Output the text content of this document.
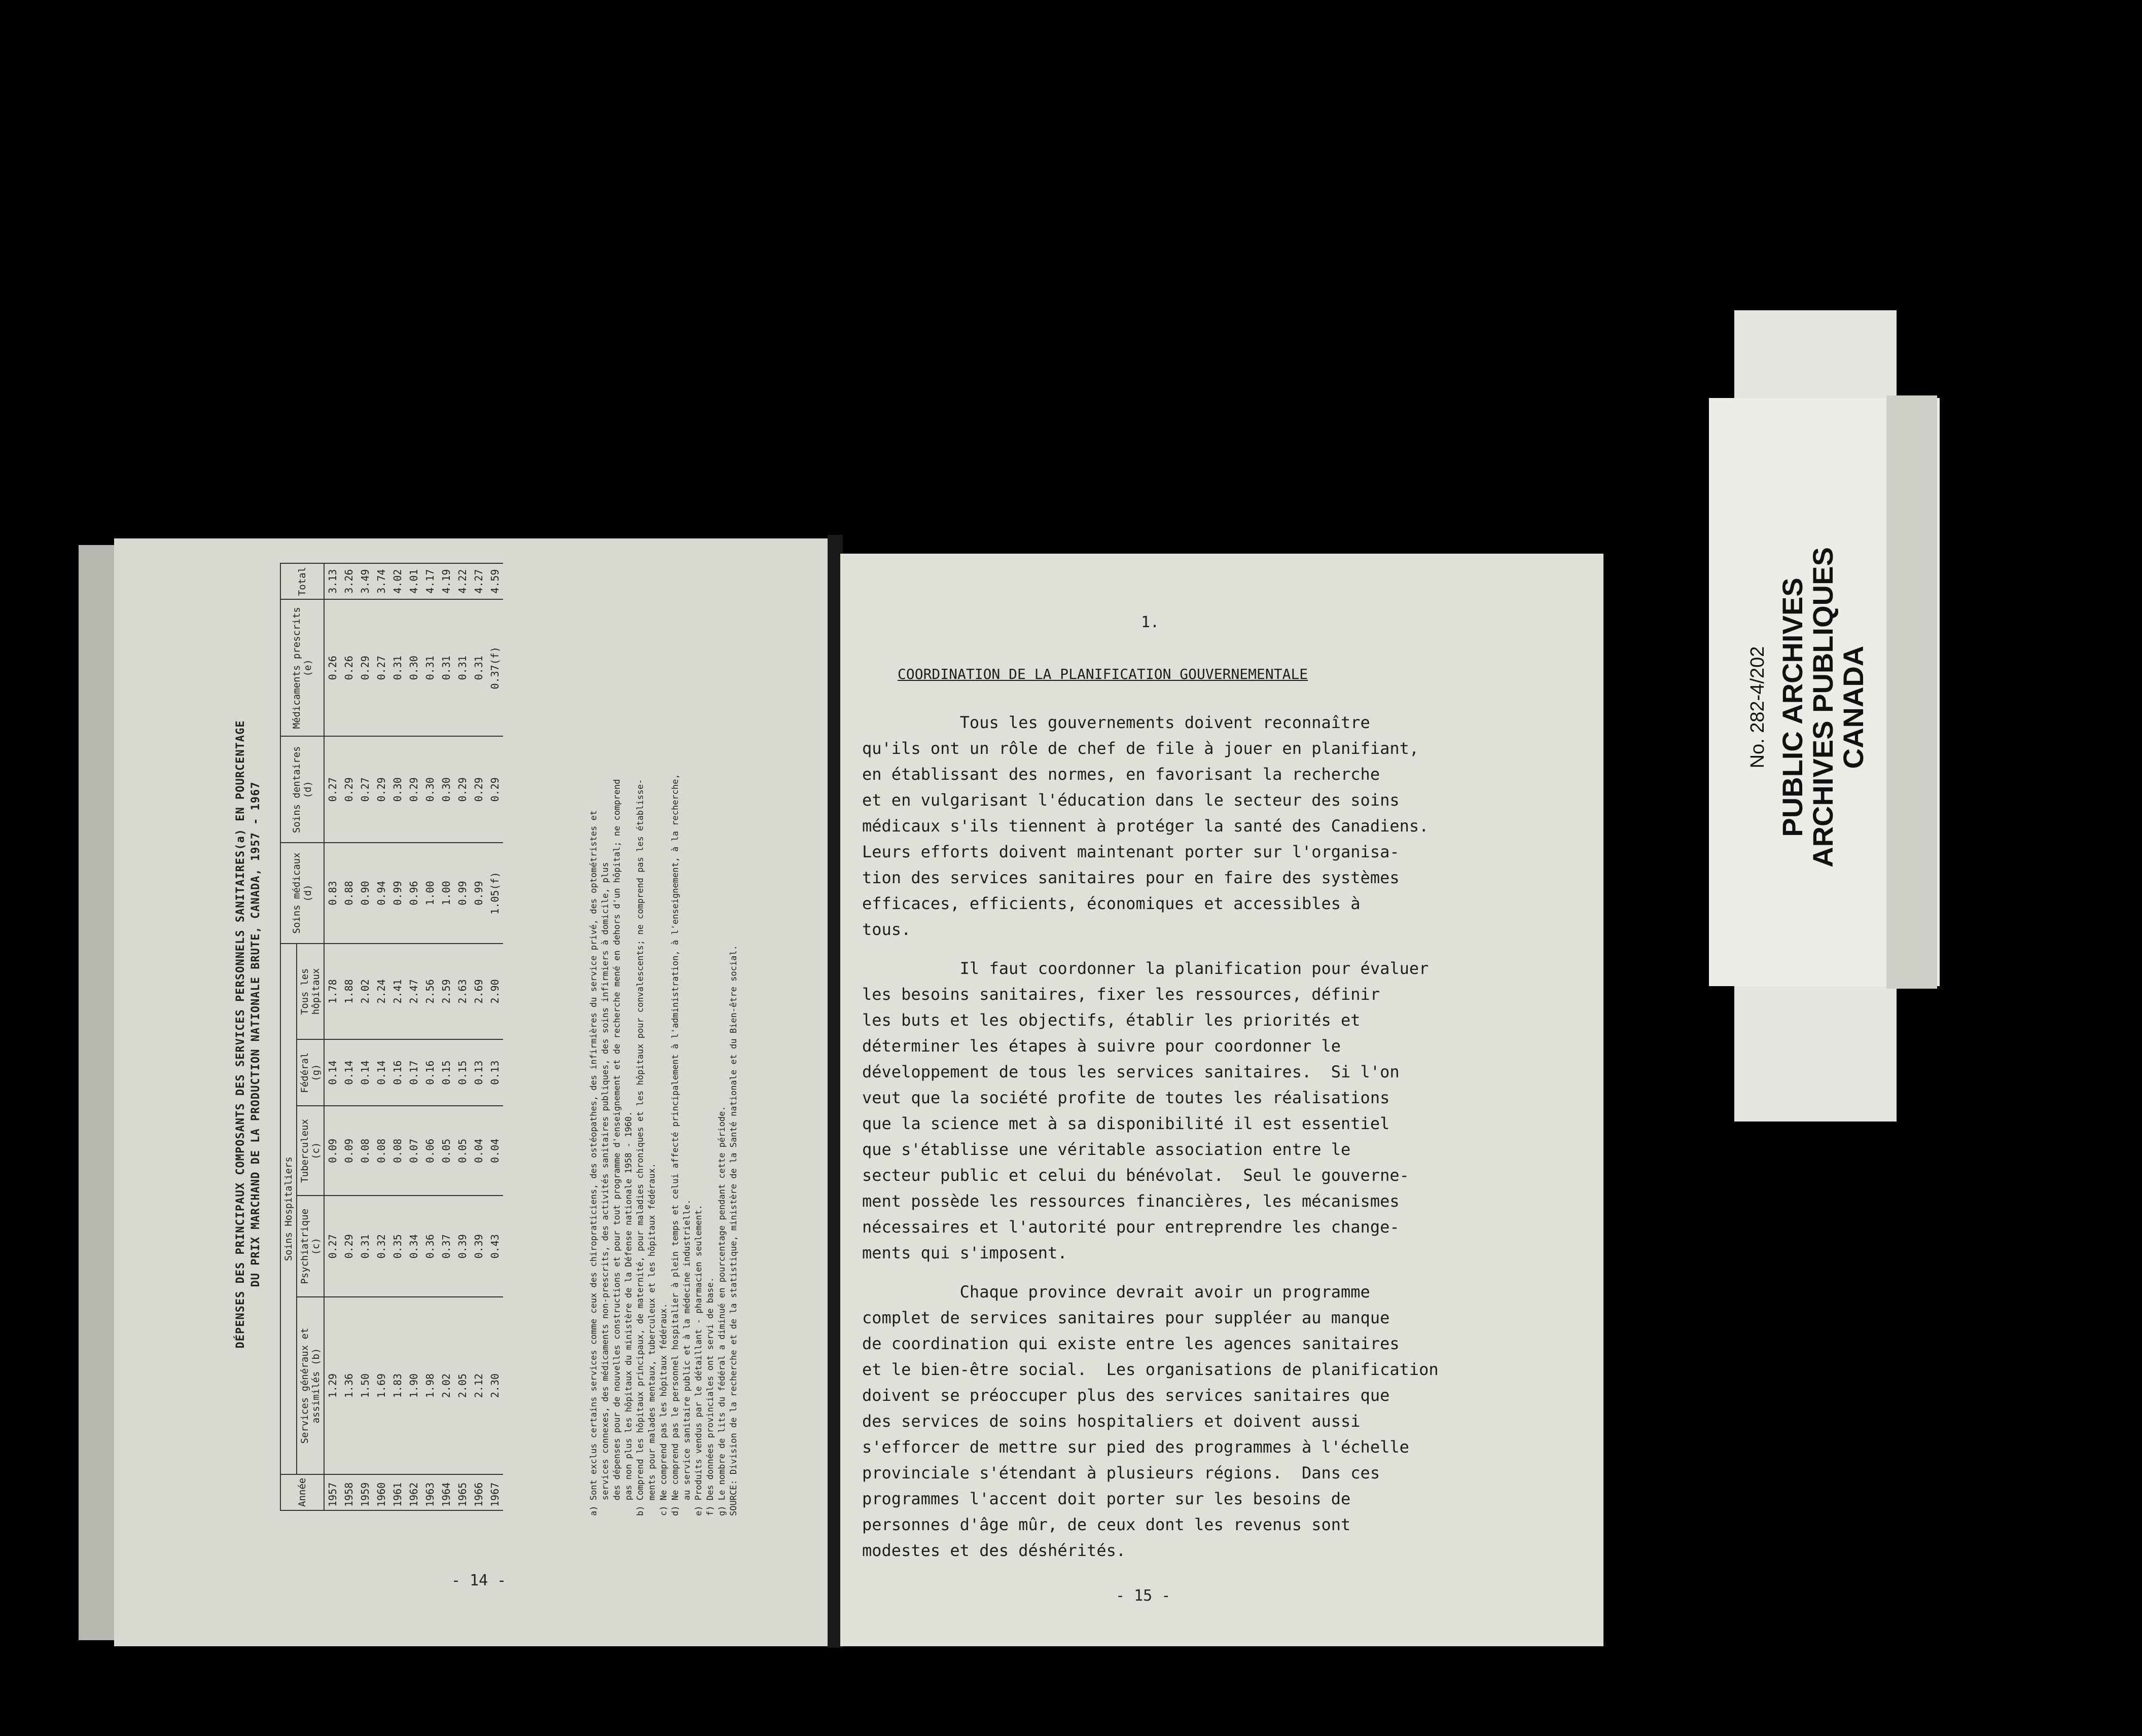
DÉPENSES DES PRINCIPAUX COMPOSANTS DES SERVICES PERSONNELS SANITAIRES(a) EN POURCENTAGE DU PRIX MARCHAND DE LA PRODUCTION NATIONALE BRUTE, CANADA, 1957 - 1967
Année	Soins Hospitaliers					Soins médicaux (d)	Soins dentaires (d)	Médicaments prescrits (e)	Total
	Services généraux et assimilés (b)	Psychiatrique (c)	Tuberculeux (c)	Fédéral (g)	Tous les hôpitaux				
1957	1.29	0.27	0.09	0.14	1.78	0.83	0.27	0.26	3.13
1958	1.36	0.29	0.09	0.14	1.88	0.88	0.29	0.26	3.26
1959	1.50	0.31	0.08	0.14	2.02	0.90	0.27	0.29	3.49
1960	1.69	0.32	0.08	0.14	2.24	0.94	0.29	0.27	3.74
1961	1.83	0.35	0.08	0.16	2.41	0.99	0.30	0.31	4.02
1962	1.90	0.34	0.07	0.17	2.47	0.96	0.29	0.30	4.01
1963	1.98	0.36	0.06	0.16	2.56	1.00	0.30	0.31	4.17
1964	2.02	0.37	0.05	0.15	2.59	1.00	0.30	0.31	4.19
1965	2.05	0.39	0.05	0.15	2.63	0.99	0.29	0.31	4.22
1966	2.12	0.39	0.04	0.13	2.69	0.99	0.29	0.31	4.27
1967	2.30	0.43	0.04	0.13	2.90	1.05(f)	0.29	0.37(f)	4.59
a) Sont exclus certains services comme ceux des chiropraticiens, des ostéopathes, des infirmières du service privé, des optométristes et services connexes, des médicaments non-prescrits, des activités sanitaires publiques, des soins infirmiers à domicile, plus des dépenses pour de nouvelles constructions et pour tout programme d'enseignement et de recherche mené en dehors d'un hôpital; ne comprend pas non plus les hôpitaux du ministère de la Défense nationale 1958 - 1960. b) Comprend les hôpitaux principaux, de maternité, pour maladies chroniques et les hôpitaux pour convalescents; ne comprend pas les établisse- ments pour malades mentaux, tuberculeux et les hôpitaux fédéraux. c) Ne comprend pas les hôpitaux fédéraux. d) Ne comprend pas le personnel hospitalier à plein temps et celui affecté principalement à l'administration, à l'enseignement, à la recherche, au service sanitaire public et à la médecine industrielle. e) Produits vendus par le détaillant - pharmacien seulement. f) Des données provinciales ont servi de base. g) Le nombre de lits du fédéral a diminué en pourcentage pendant cette période. SOURCE: Division de la recherche et de la statistique, ministère de la Santé nationale et du Bien-être social.
- 14 -
1.
COORDINATION DE LA PLANIFICATION GOUVERNEMENTALE

Tous les gouvernements doivent reconnaître
qu'ils ont un rôle de chef de file à jouer en planifiant,
en établissant des normes, en favorisant la recherche
et en vulgarisant l'éducation dans le secteur des soins
médicaux s'ils tiennent à protéger la santé des Canadiens.
Leurs efforts doivent maintenant porter sur l'organisa-
tion des services sanitaires pour en faire des systèmes
efficaces, efficients, économiques et accessibles à
tous.

Il faut coordonner la planification pour évaluer
les besoins sanitaires, fixer les ressources, définir
les buts et les objectifs, établir les priorités et
déterminer les étapes à suivre pour coordonner le
développement de tous les services sanitaires.  Si l'on
veut que la société profite de toutes les réalisations
que la science met à sa disponibilité il est essentiel
que s'établisse une véritable association entre le
secteur public et celui du bénévolat.  Seul le gouverne-
ment possède les ressources financières, les mécanismes
nécessaires et l'autorité pour entreprendre les change-
ments qui s'imposent.

Chaque province devrait avoir un programme
complet de services sanitaires pour suppléer au manque
de coordination qui existe entre les agences sanitaires
et le bien-être social.  Les organisations de planification
doivent se préoccuper plus des services sanitaires que
des services de soins hospitaliers et doivent aussi
s'efforcer de mettre sur pied des programmes à l'échelle
provinciale s'étendant à plusieurs régions.  Dans ces
programmes l'accent doit porter sur les besoins de
personnes d'âge mûr, de ceux dont les revenus sont
modestes et des déshérités.

- 15 -
No. 282-4/202 PUBLIC ARCHIVES
ARCHIVES PUBLIQUES
CANADA
